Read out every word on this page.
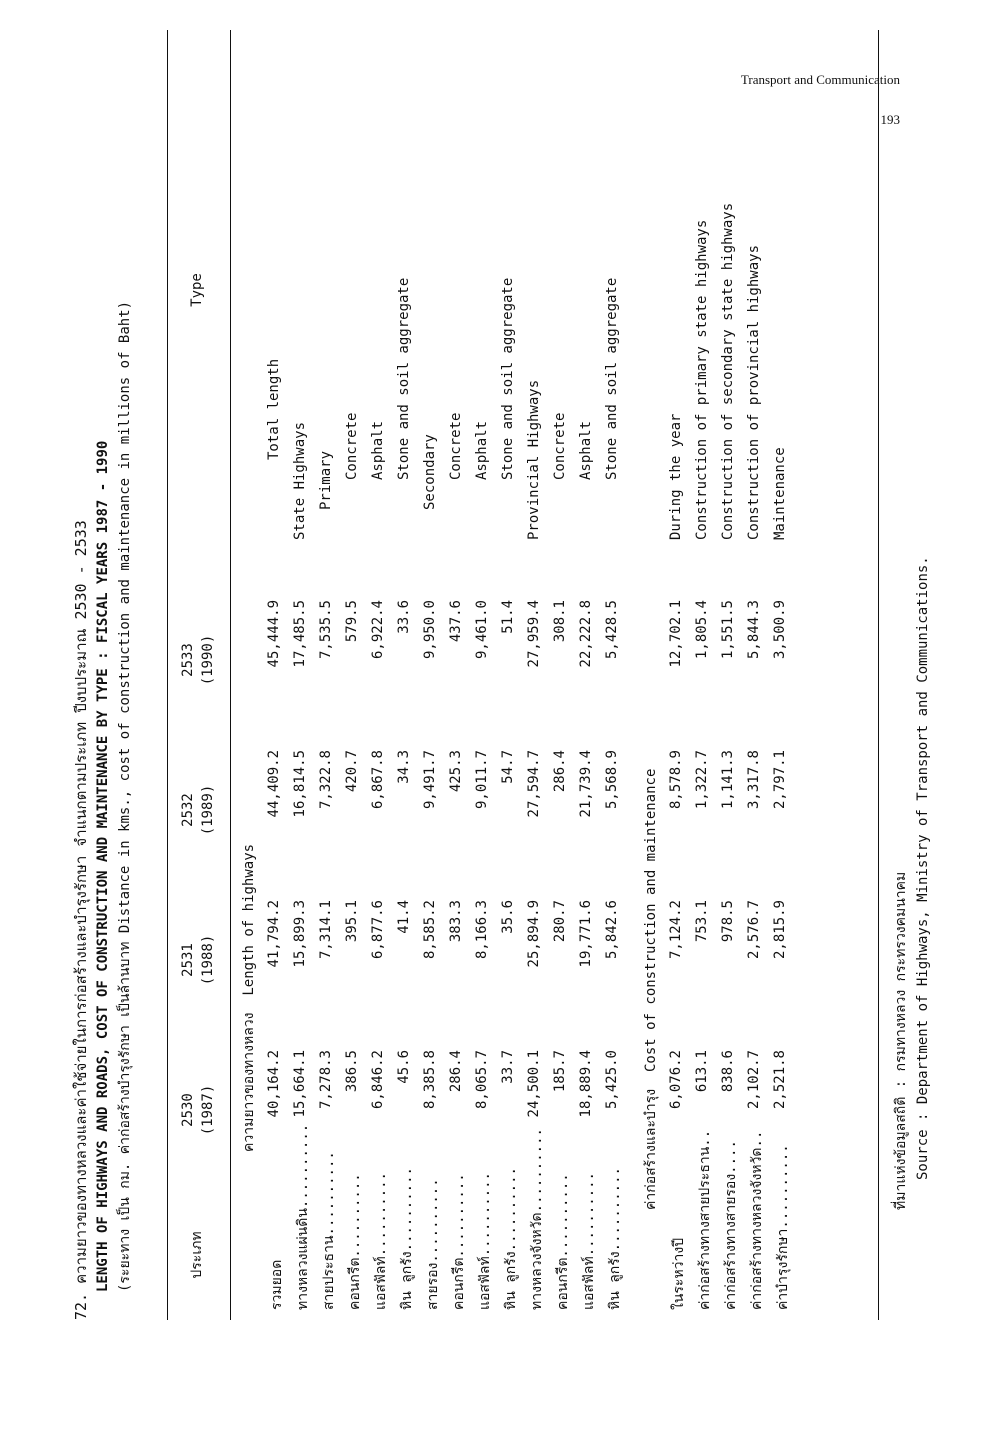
Transport and Communication
193
72. ความยาวของทางหลวงและค่าใช้จ่ายในการก่อสร้างและบำรุงรักษา จำแนกตามประเภท ปีงบประมาณ 2530 - 2533 LENGTH OF HIGHWAYS AND ROADS, COST OF CONSTRUCTION AND MAINTENANCE BY TYPE : FISCAL YEARS 1987 - 1990 (ระยะทาง เป็น กม. ค่าก่อสร้างบำรุงรักษา เป็นล้านบาท Distance in kms., cost of construction and maintenance in millions of Baht)	ประเภท
2530 (1987)
2531 (1988)
2532 (1989)
2533 (1990)
Type
ความยาวของทางหลวง  Length of highways
รวมยอด
40,164.2
41,794.2
44,409.2
45,444.9
Total length
ทางหลวงแผ่นดิน..........
15,664.1
15,899.3
16,814.5
17,485.5
State Highways
สายประธาน..........
7,278.3
7,314.1
7,322.8
7,535.5
Primary
คอนกรีต..........
386.5
395.1
420.7
579.5
Concrete
แอสฟัลท์..........
6,846.2
6,877.6
6,867.8
6,922.4
Asphalt
หิน ลูกรัง..........
45.6
41.4
34.3
33.6
Stone and soil aggregate
สายรอง..........
8,385.8
8,585.2
9,491.7
9,950.0
Secondary
คอนกรีต..........
286.4
383.3
425.3
437.6
Concrete
แอสฟัลท์..........
8,065.7
8,166.3
9,011.7
9,461.0
Asphalt
หิน ลูกรัง..........
33.7
35.6
54.7
51.4
Stone and soil aggregate
ทางหลวงจังหวัด..........
24,500.1
25,894.9
27,594.7
27,959.4
Provincial Highways
คอนกรีต..........
185.7
280.7
286.4
308.1
Concrete
แอสฟัลท์..........
18,889.4
19,771.6
21,739.4
22,222.8
Asphalt
หิน ลูกรัง..........
5,425.0
5,842.6
5,568.9
5,428.5
Stone and soil aggregate
ค่าก่อสร้างและบำรุง  Cost of construction and maintenance
ในระหว่างปี
6,076.2
7,124.2
8,578.9
12,702.1
During the year
ค่าก่อสร้างทางสายประธาน..
613.1
753.1
1,322.7
1,805.4
Construction of primary state highways
ค่าก่อสร้างทางสายรอง....
838.6
978.5
1,141.3
1,551.5
Construction of secondary state highways
ค่าก่อสร้างทางหลวงจังหวัด..
2,102.7
2,576.7
3,317.8
5,844.3
Construction of provincial highways
ค่าบำรุงรักษา..........
2,521.8
2,815.9
2,797.1
3,500.9
Maintenance
ที่มาแห่งข้อมูลสถิติ : กรมทางหลวง กระทรวงคมนาคม Source : Department of Highways, Ministry of Transport and Communications.
